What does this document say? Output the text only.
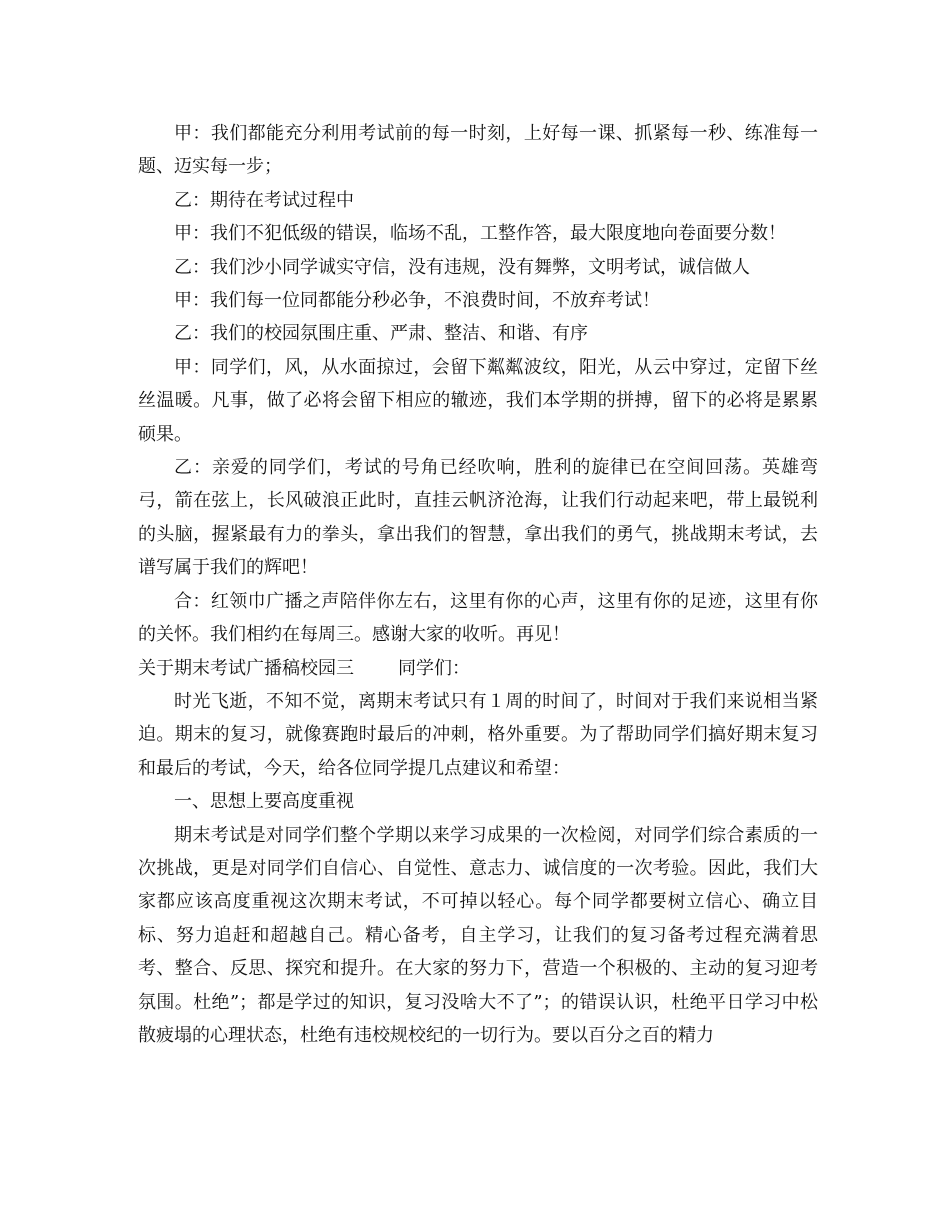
甲：我们都能充分利用考试前的每一时刻，上好每一课、抓紧每一秒、练准每一题、迈实每一步；

乙：期待在考试过程中

甲：我们不犯低级的错误，临场不乱，工整作答，最大限度地向卷面要分数！

乙：我们沙小同学诚实守信，没有违规，没有舞弊，文明考试，诚信做人

甲：我们每一位同都能分秒必争，不浪费时间，不放弃考试！

乙：我们的校园氛围庄重、严肃、整洁、和谐、有序

甲：同学们，风，从水面掠过，会留下粼粼波纹，阳光，从云中穿过，定留下丝丝温暖。凡事，做了必将会留下相应的辙迹，我们本学期的拼搏，留下的必将是累累硕果。

乙：亲爱的同学们，考试的号角已经吹响，胜利的旋律已在空间回荡。英雄弯弓，箭在弦上，长风破浪正此时，直挂云帆济沧海，让我们行动起来吧，带上最锐利的头脑，握紧最有力的拳头，拿出我们的智慧，拿出我们的勇气，挑战期末考试，去谱写属于我们的辉吧！

合：红领巾广播之声陪伴你左右，这里有你的心声，这里有你的足迹，这里有你的关怀。我们相约在每周三。感谢大家的收听。再见！

关于期末考试广播稿校园三 同学们：

时光飞逝，不知不觉，离期末考试只有１周的时间了，时间对于我们来说相当紧迫。期末的复习，就像赛跑时最后的冲刺，格外重要。为了帮助同学们搞好期末复习和最后的考试，今天，给各位同学提几点建议和希望：

一、思想上要高度重视

期末考试是对同学们整个学期以来学习成果的一次检阅，对同学们综合素质的一次挑战，更是对同学们自信心、自觉性、意志力、诚信度的一次考验。因此，我们大家都应该高度重视这次期末考试，不可掉以轻心。每个同学都要树立信心、确立目标、努力追赶和超越自己。精心备考，自主学习，让我们的复习备考过程充满着思考、整合、反思、探究和提升。在大家的努力下，营造一个积极的、主动的复习迎考氛围。杜绝”；都是学过的知识，复习没啥大不了”；的错误认识，杜绝平日学习中松散疲塌的心理状态，杜绝有违校规校纪的一切行为。要以百分之百的精力
